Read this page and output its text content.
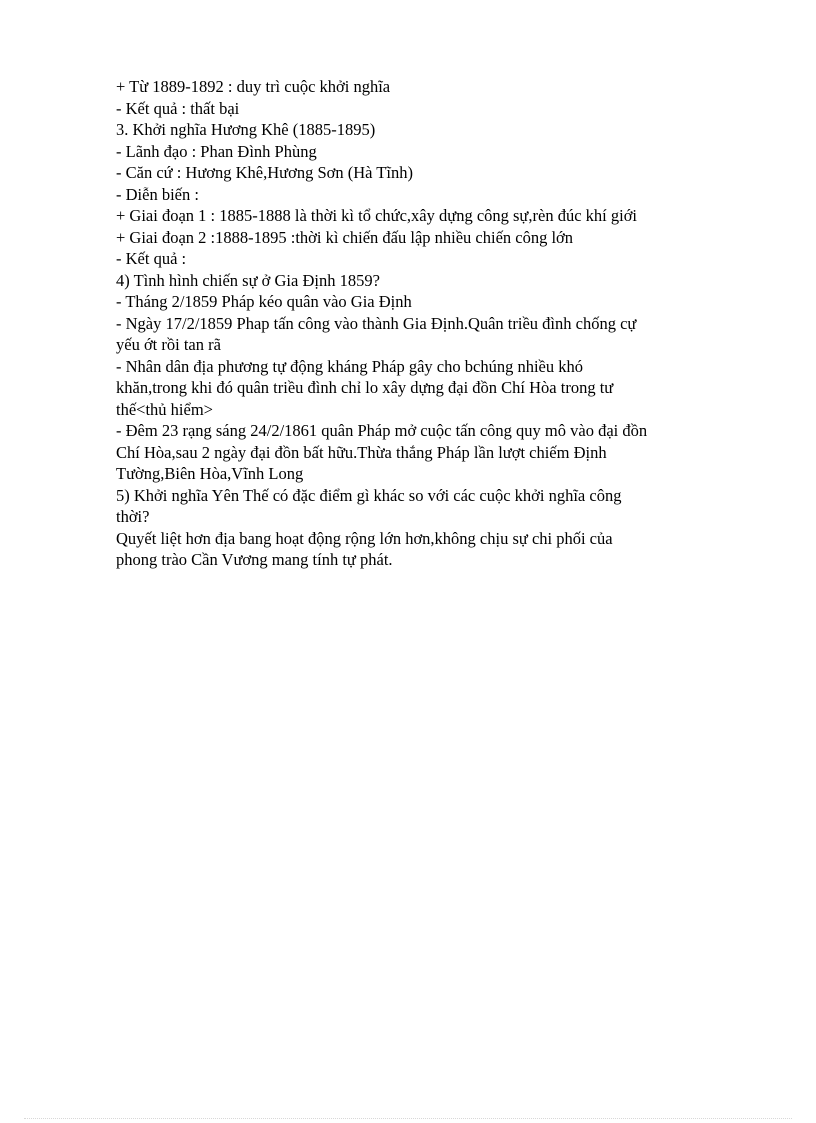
+ Từ 1889-1892 : duy trì cuộc khởi nghĩa
- Kết quả : thất bại
3. Khởi nghĩa Hương Khê (1885-1895)
- Lãnh đạo : Phan Đình Phùng
- Căn cứ : Hương Khê,Hương Sơn (Hà Tĩnh)
- Diễn biến :
+ Giai đoạn 1 : 1885-1888 là thời kì tổ chức,xây dựng công sự,rèn đúc khí giới
+ Giai đoạn 2 :1888-1895 :thời kì chiến đấu lập nhiều chiến công lớn
- Kết quả :
4) Tình hình chiến sự ở Gia Định 1859?
- Tháng 2/1859 Pháp kéo quân vào Gia Định
- Ngày 17/2/1859 Phap tấn công vào thành Gia Định.Quân triều đình chống cự
yếu ớt rồi tan rã
- Nhân dân địa phương tự động kháng Pháp gây cho bchúng nhiều khó
khăn,trong khi đó quân triều đình chỉ lo xây dựng đại đồn Chí Hòa trong tư
thế<thủ hiểm>
- Đêm 23 rạng sáng 24/2/1861 quân Pháp mở cuộc tấn công quy mô vào đại đồn
Chí Hòa,sau 2 ngày đại đồn bất hữu.Thừa thắng Pháp lần lượt chiếm Định
Tường,Biên Hòa,Vĩnh Long
5) Khởi nghĩa Yên Thế có đặc điểm gì khác so với các cuộc khởi nghĩa công
thời?
Quyết liệt hơn địa bang hoạt động rộng lớn hơn,không chịu sự chi phối của
phong trào Cần Vương mang tính tự phát.
